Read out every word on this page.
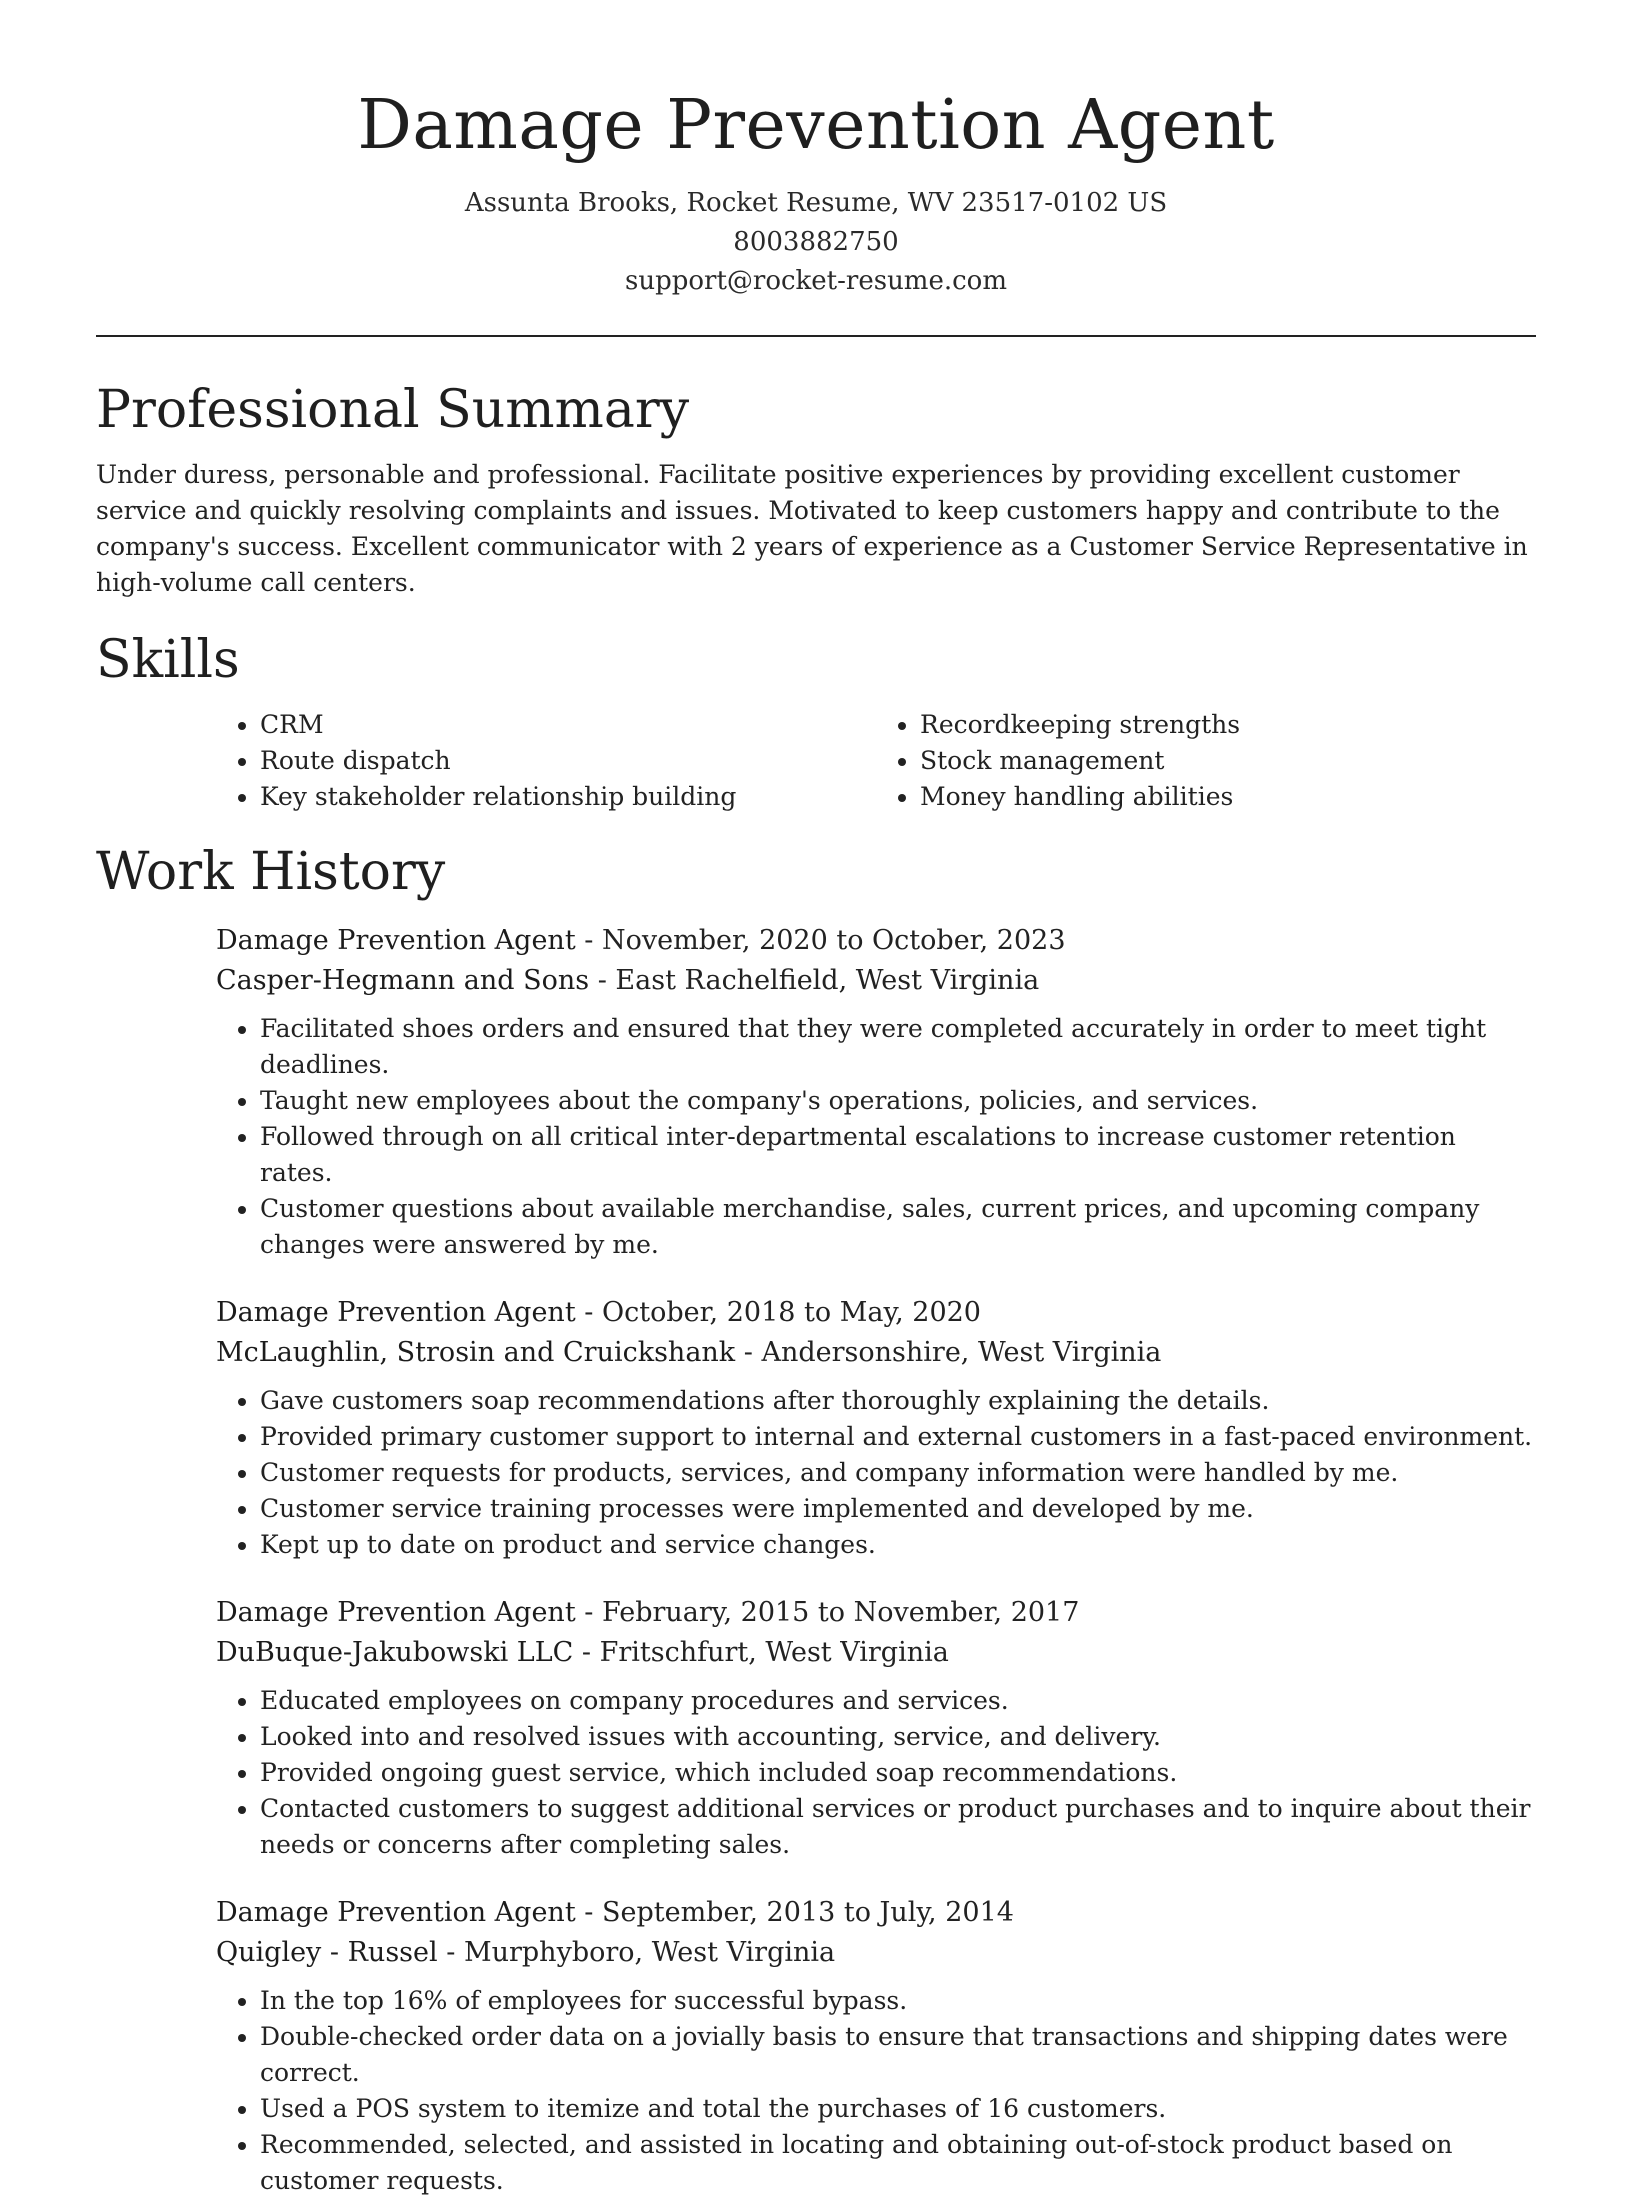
Damage Prevention Agent
Assunta Brooks, Rocket Resume, WV 23517-0102 US
8003882750
support@rocket-resume.com
Professional Summary

Under duress, personable and professional. Facilitate positive experiences by providing excellent customer service and quickly resolving complaints and issues. Motivated to keep customers happy and contribute to the company's success. Excellent communicator with 2 years of experience as a Customer Service Representative in high-volume call centers.

Skills
• CRM
• Route dispatch
• Key stakeholder relationship building
• Recordkeeping strengths
• Stock management
• Money handling abilities
Work History
Damage Prevention Agent - November, 2020 to October, 2023
Casper-Hegmann and Sons - East Rachelfield, West Virginia
• Facilitated shoes orders and ensured that they were completed accurately in order to meet tight deadlines.
• Taught new employees about the company's operations, policies, and services.
• Followed through on all critical inter-departmental escalations to increase customer retention rates.
• Customer questions about available merchandise, sales, current prices, and upcoming company changes were answered by me.
Damage Prevention Agent - October, 2018 to May, 2020
McLaughlin, Strosin and Cruickshank - Andersonshire, West Virginia
• Gave customers soap recommendations after thoroughly explaining the details.
• Provided primary customer support to internal and external customers in a fast-paced environment.
• Customer requests for products, services, and company information were handled by me.
• Customer service training processes were implemented and developed by me.
• Kept up to date on product and service changes.
Damage Prevention Agent - February, 2015 to November, 2017
DuBuque-Jakubowski LLC - Fritschfurt, West Virginia
• Educated employees on company procedures and services.
• Looked into and resolved issues with accounting, service, and delivery.
• Provided ongoing guest service, which included soap recommendations.
• Contacted customers to suggest additional services or product purchases and to inquire about their needs or concerns after completing sales.
Damage Prevention Agent - September, 2013 to July, 2014
Quigley - Russel - Murphyboro, West Virginia
• In the top 16% of employees for successful bypass.
• Double-checked order data on a jovially basis to ensure that transactions and shipping dates were correct.
• Used a POS system to itemize and total the purchases of 16 customers.
• Recommended, selected, and assisted in locating and obtaining out-of-stock product based on customer requests.
